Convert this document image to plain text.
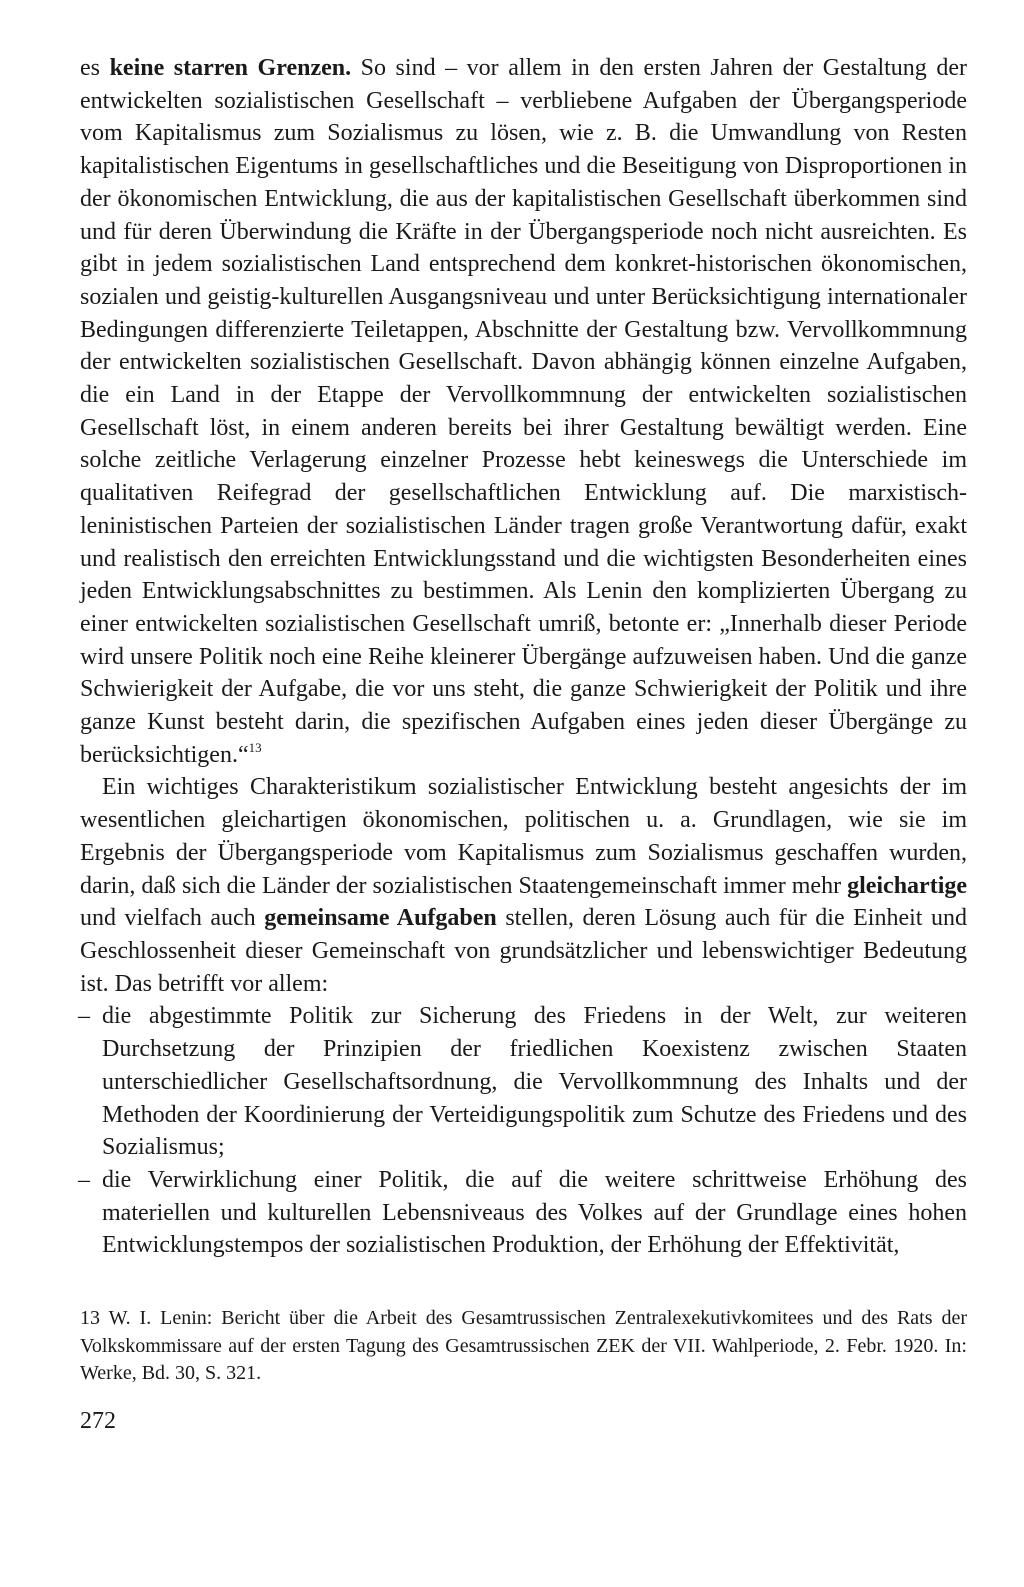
es keine starren Grenzen. So sind – vor allem in den ersten Jahren der Gestaltung der entwickelten sozialistischen Gesellschaft – verbliebene Aufgaben der Übergangsperiode vom Kapitalismus zum Sozialismus zu lösen, wie z. B. die Umwandlung von Resten kapitalistischen Eigentums in gesellschaftliches und die Beseitigung von Disproportionen in der ökonomischen Entwicklung, die aus der kapitalistischen Gesellschaft überkommen sind und für deren Überwindung die Kräfte in der Übergangsperiode noch nicht ausreichten. Es gibt in jedem sozialistischen Land entsprechend dem konkret-historischen ökonomischen, sozialen und geistig-kulturellen Ausgangsniveau und unter Berücksichtigung internationaler Bedingungen differenzierte Teiletappen, Abschnitte der Gestaltung bzw. Vervollkommnung der entwickelten sozialistischen Gesellschaft. Davon abhängig können einzelne Aufgaben, die ein Land in der Etappe der Vervollkommnung der entwickelten sozialistischen Gesellschaft löst, in einem anderen bereits bei ihrer Gestaltung bewältigt werden. Eine solche zeitliche Verlagerung einzelner Prozesse hebt keineswegs die Unterschiede im qualitativen Reifegrad der gesellschaftlichen Entwicklung auf. Die marxistisch-leninistischen Parteien der sozialistischen Länder tragen große Verantwortung dafür, exakt und realistisch den erreichten Entwicklungsstand und die wichtigsten Besonderheiten eines jeden Entwicklungsabschnittes zu bestimmen. Als Lenin den komplizierten Übergang zu einer entwickelten sozialistischen Gesellschaft umriß, betonte er: „Innerhalb dieser Periode wird unsere Politik noch eine Reihe kleinerer Übergänge aufzuweisen haben. Und die ganze Schwierigkeit der Aufgabe, die vor uns steht, die ganze Schwierigkeit der Politik und ihre ganze Kunst besteht darin, die spezifischen Aufgaben eines jeden dieser Übergänge zu berücksichtigen.“$^{13}$

Ein wichtiges Charakteristikum sozialistischer Entwicklung besteht angesichts der im wesentlichen gleichartigen ökonomischen, politischen u. a. Grundlagen, wie sie im Ergebnis der Übergangsperiode vom Kapitalismus zum Sozialismus geschaffen wurden, darin, daß sich die Länder der sozialistischen Staatengemeinschaft immer mehr gleichartige und vielfach auch gemeinsame Aufgaben stellen, deren Lösung auch für die Einheit und Geschlossenheit dieser Gemeinschaft von grundsätzlicher und lebenswichtiger Bedeutung ist. Das betrifft vor allem:

– die abgestimmte Politik zur Sicherung des Friedens in der Welt, zur weiteren Durchsetzung der Prinzipien der friedlichen Koexistenz zwischen Staaten unterschiedlicher Gesellschaftsordnung, die Vervollkommnung des Inhalts und der Methoden der Koordinierung der Verteidigungspolitik zum Schutze des Friedens und des Sozialismus;
– die Verwirklichung einer Politik, die auf die weitere schrittweise Erhöhung des materiellen und kulturellen Lebensniveaus des Volkes auf der Grundlage eines hohen Entwicklungstempos der sozialistischen Produktion, der Erhöhung der Effektivität,

13 W. I. Lenin: Bericht über die Arbeit des Gesamtrussischen Zentralexekutivkomitees und des Rats der Volkskommissare auf der ersten Tagung des Gesamtrussischen ZEK der VII. Wahlperiode, 2. Febr. 1920. In: Werke, Bd. 30, S. 321.

272
